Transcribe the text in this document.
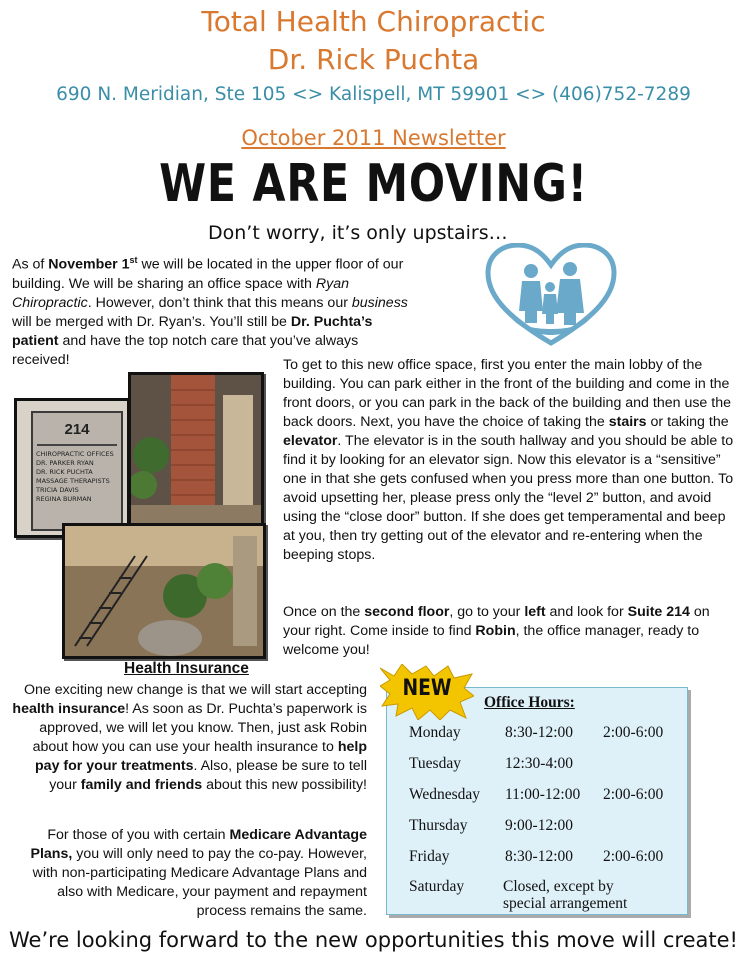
Total Health Chiropractic
Dr. Rick Puchta
690 N. Meridian, Ste 105 <> Kalispell, MT 59901 <> (406)752-7289
October 2011 Newsletter
WE ARE MOVING!
Don’t worry, it’s only upstairs…
As of November 1st we will be located in the upper floor of our building. We will be sharing an office space with Ryan Chiropractic. However, don’t think that this means our business will be merged with Dr. Ryan’s. You’ll still be Dr. Puchta’s patient and have the top notch care that you’ve always received!
214
CHIROPRACTIC OFFICES
DR. PARKER RYAN
DR. RICK PUCHTA
MASSAGE THERAPISTS
TRICIA DAVIS
REGINA BURMAN
To get to this new office space, first you enter the main lobby of the building. You can park either in the front of the building and come in the front doors, or you can park in the back of the building and then use the back doors. Next, you have the choice of taking the stairs or taking the elevator. The elevator is in the south hallway and you should be able to find it by looking for an elevator sign. Now this elevator is a “sensitive” one in that she gets confused when you press more than one button. To avoid upsetting her, please press only the “level 2” button, and avoid using the “close door” button. If she does get temperamental and beep at you, then try getting out of the elevator and re-entering when the beeping stops.
Once on the second floor, go to your left and look for Suite 214 on your right. Come inside to find Robin, the office manager, ready to welcome you!
Health Insurance
One exciting new change is that we will start accepting health insurance! As soon as Dr. Puchta’s paperwork is approved, we will let you know. Then, just ask Robin about how you can use your health insurance to help pay for your treatments. Also, please be sure to tell your family and friends about this new possibility!
For those of you with certain Medicare Advantage Plans, you will only need to pay the co-pay. However, with non-participating Medicare Advantage Plans and also with Medicare, your payment and repayment process remains the same.
Office Hours:
Monday	8:30-12:00 2:00-6:00
Tuesday	12:30-4:00
Wednesday 11:00-12:00 2:00-6:00
Thursday 9:00-12:00
Friday	8:30-12:00 2:00-6:00
Saturday	Closed, except by
special arrangement
NEW
We’re looking forward to the new opportunities this move will create!
